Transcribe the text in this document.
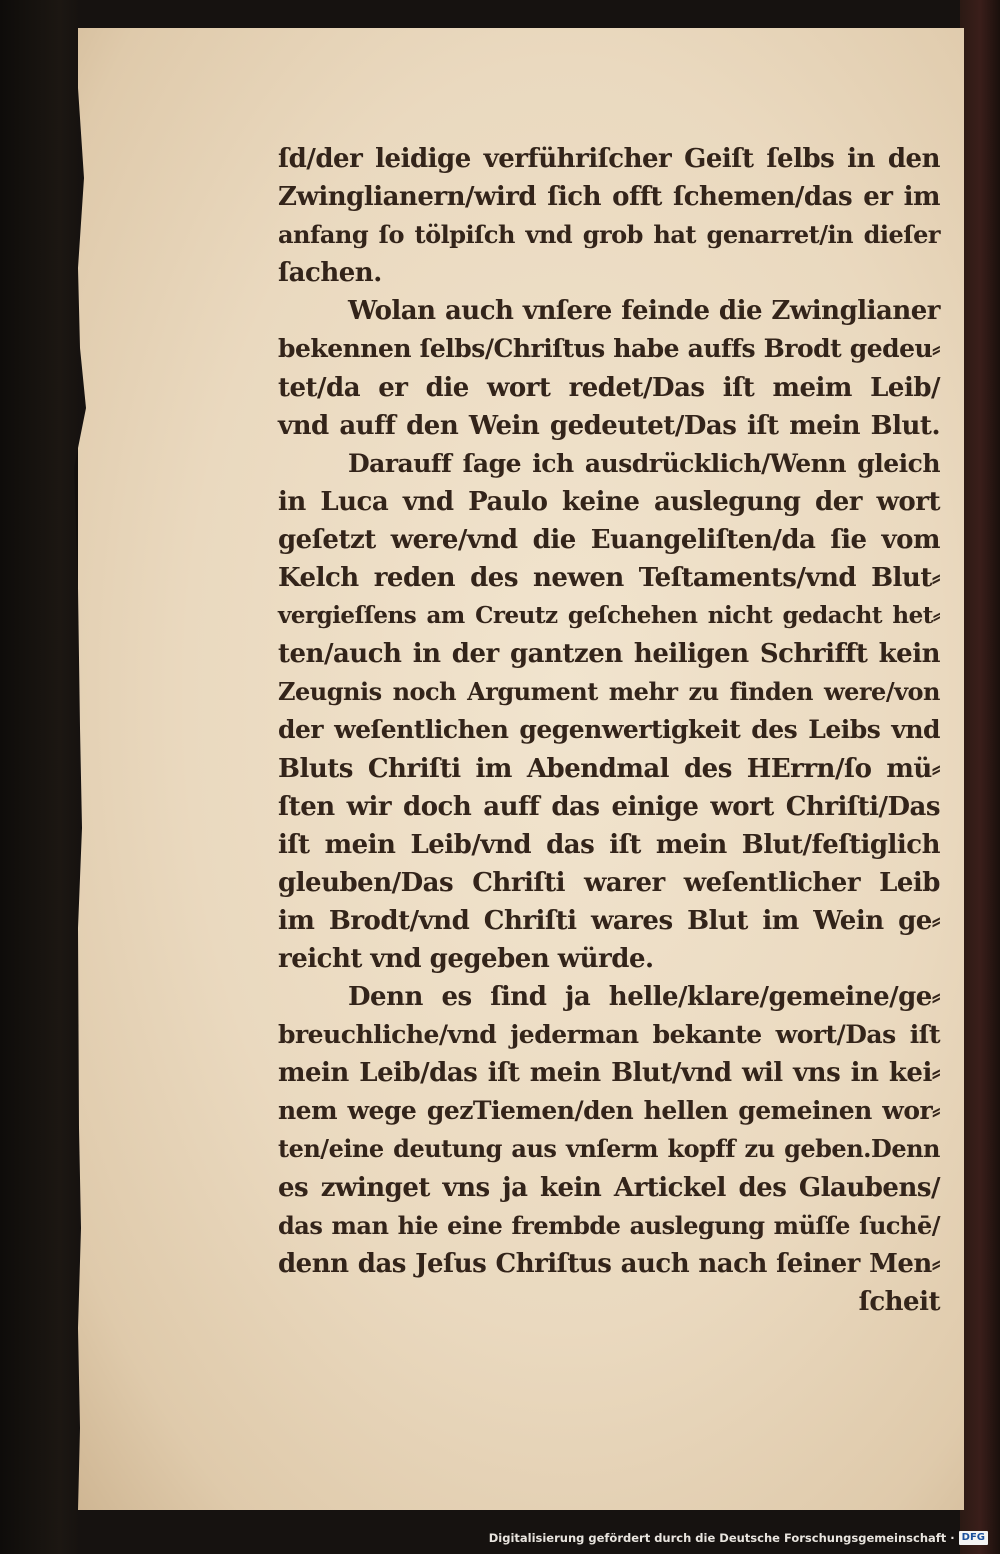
ſd/der leidige verführiſcher Geiſt ſelbs in den
Zwinglianern/wird ſich offt ſchemen/das er im
anfang ſo tölpiſch vnd grob hat genarret/in dieſer
ſachen.
Wolan auch vnſere feinde die Zwinglianer
bekennen ſelbs/Chriſtus habe auffs Brodt gedeu⸗
tet/da er die wort redet/Das iſt meim Leib/
vnd auff den Wein gedeutet/Das iſt mein Blut.
Darauff ſage ich ausdrücklich/Wenn gleich
in Luca vnd Paulo keine auslegung der wort
geſetzt were/vnd die Euangeliſten/da ſie vom
Kelch reden des newen Teſtaments/vnd Blut⸗
vergieſſens am Creutz geſchehen nicht gedacht het⸗
ten/auch in der gantzen heiligen Schrifft kein
Zeugnis noch Argument mehr zu finden were/von
der weſentlichen gegenwertigkeit des Leibs vnd
Bluts Chriſti im Abendmal des HErrn/ſo mü⸗
ſten wir doch auff das einige wort Chriſti/Das
iſt mein Leib/vnd das iſt mein Blut/feſtiglich
gleuben/Das Chriſti warer weſentlicher Leib
im Brodt/vnd Chriſti wares Blut im Wein ge⸗
reicht vnd gegeben würde.
Denn es ſind ja helle/klare/gemeine/ge⸗
breuchliche/vnd jederman bekante wort/Das iſt
mein Leib/das iſt mein Blut/vnd wil vns in kei⸗
nem wege gezTiemen/den hellen gemeinen wor⸗
ten/eine deutung aus vnſerm kopff zu geben.Denn
es zwinget vns ja kein Artickel des Glaubens/
das man hie eine frembde auslegung müſſe ſuchē/
denn das Jeſus Chriſtus auch nach ſeiner Men⸗
ſcheit
Digitalisierung gefördert durch die Deutsche Forschungsgemeinschaft · DFG
